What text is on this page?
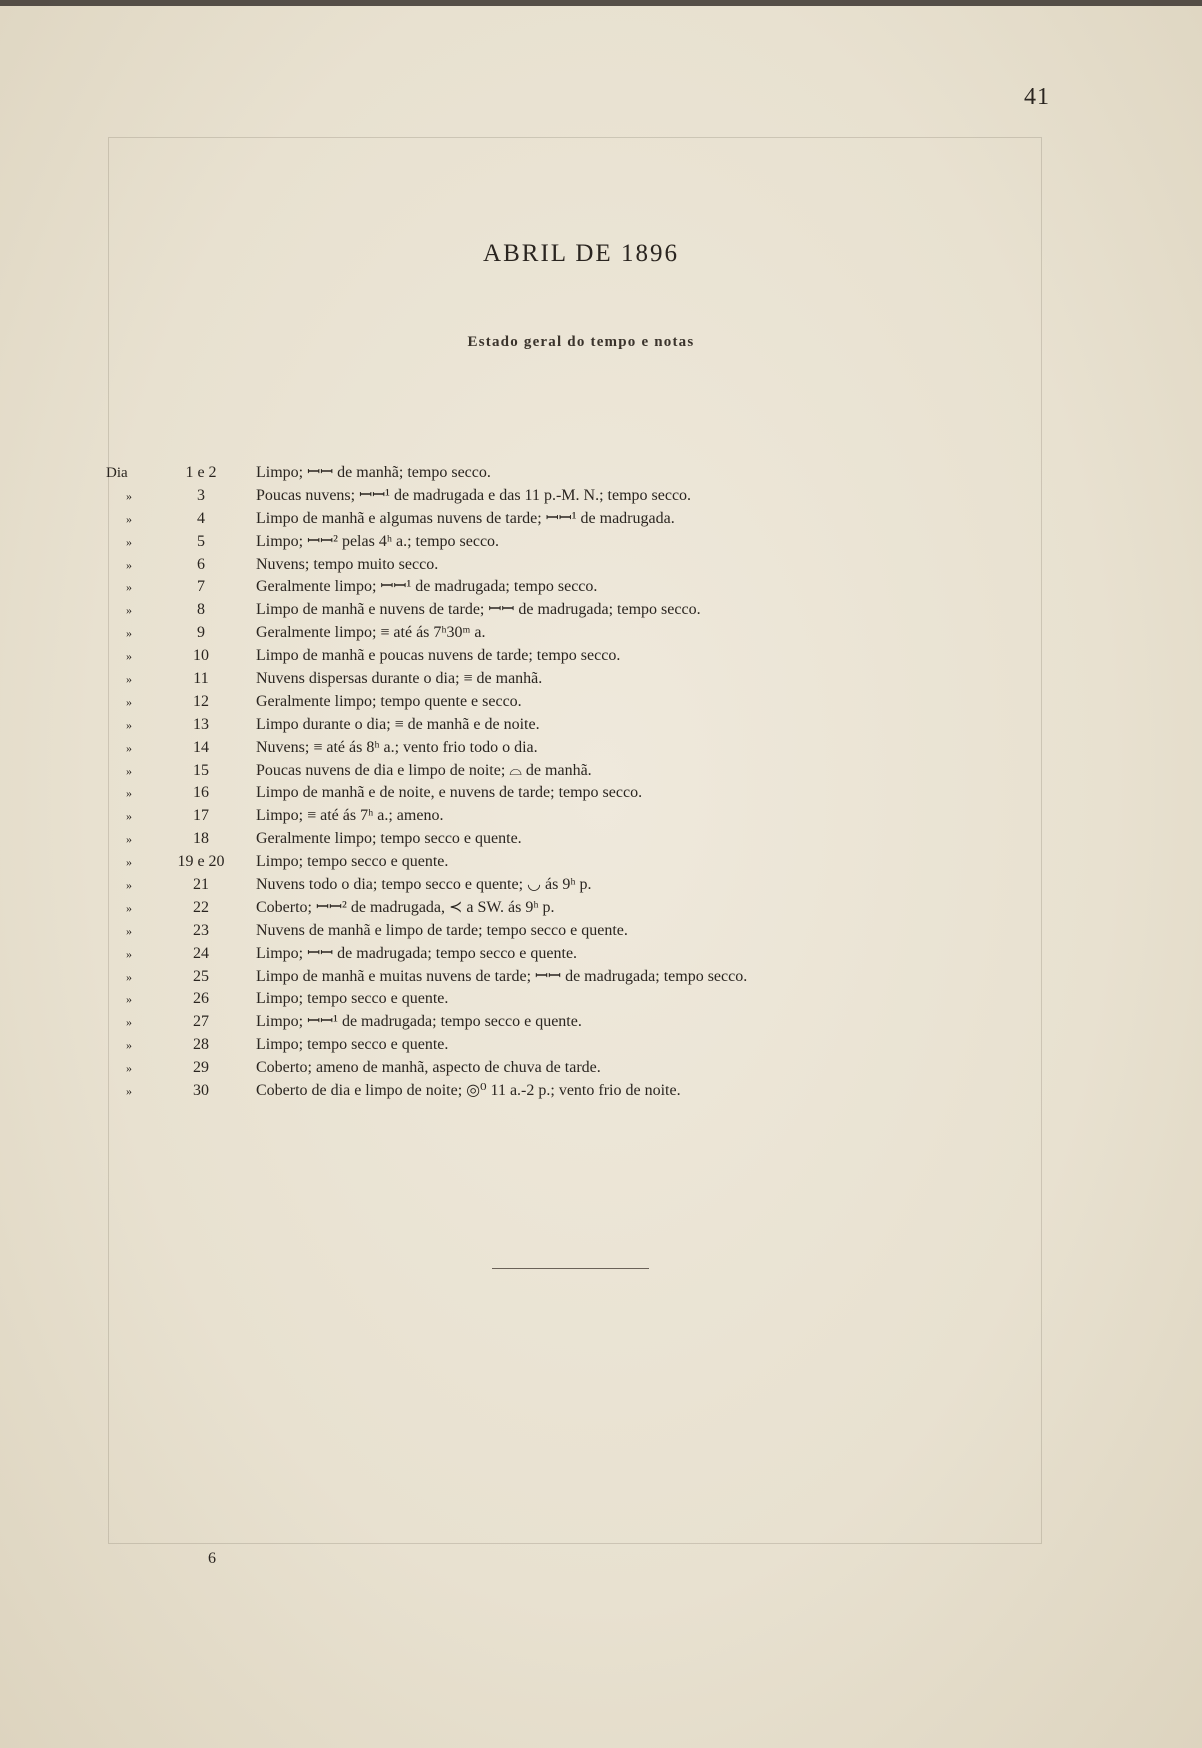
41
ABRIL DE 1896
Estado geral do tempo e notas
Dia	1 e 2	Limpo; ꟷꟷ de manhã; tempo secco.
»	3	Poucas nuvens; ꟷꟷ¹ de madrugada e das 11 p.-M. N.; tempo secco.
»	4	Limpo de manhã e algumas nuvens de tarde; ꟷꟷ¹ de madrugada.
»	5	Limpo; ꟷꟷ² pelas 4ʰ a.; tempo secco.
»	6	Nuvens; tempo muito secco.
»	7	Geralmente limpo; ꟷꟷ¹ de madrugada; tempo secco.
»	8	Limpo de manhã e nuvens de tarde; ꟷꟷ de madrugada; tempo secco.
»	9	Geralmente limpo; ≡ até ás 7ʰ30ᵐ a.
»	10	Limpo de manhã e poucas nuvens de tarde; tempo secco.
»	11	Nuvens dispersas durante o dia; ≡ de manhã.
»	12	Geralmente limpo; tempo quente e secco.
»	13	Limpo durante o dia; ≡ de manhã e de noite.
»	14	Nuvens; ≡ até ás 8ʰ a.; vento frio todo o dia.
»	15	Poucas nuvens de dia e limpo de noite; ⌓ de manhã.
»	16	Limpo de manhã e de noite, e nuvens de tarde; tempo secco.
»	17	Limpo; ≡ até ás 7ʰ a.; ameno.
»	18	Geralmente limpo; tempo secco e quente.
»	19 e 20	Limpo; tempo secco e quente.
»	21	Nuvens todo o dia; tempo secco e quente; ◡ ás 9ʰ p.
»	22	Coberto; ꟷꟷ² de madrugada, ≺ a SW. ás 9ʰ p.
»	23	Nuvens de manhã e limpo de tarde; tempo secco e quente.
»	24	Limpo; ꟷꟷ de madrugada; tempo secco e quente.
»	25	Limpo de manhã e muitas nuvens de tarde; ꟷꟷ de madrugada; tempo secco.
»	26	Limpo; tempo secco e quente.
»	27	Limpo; ꟷꟷ¹ de madrugada; tempo secco e quente.
»	28	Limpo; tempo secco e quente.
»	29	Coberto; ameno de manhã, aspecto de chuva de tarde.
»	30	Coberto de dia e limpo de noite; ◎⁰ 11 a.-2 p.; vento frio de noite.
6
